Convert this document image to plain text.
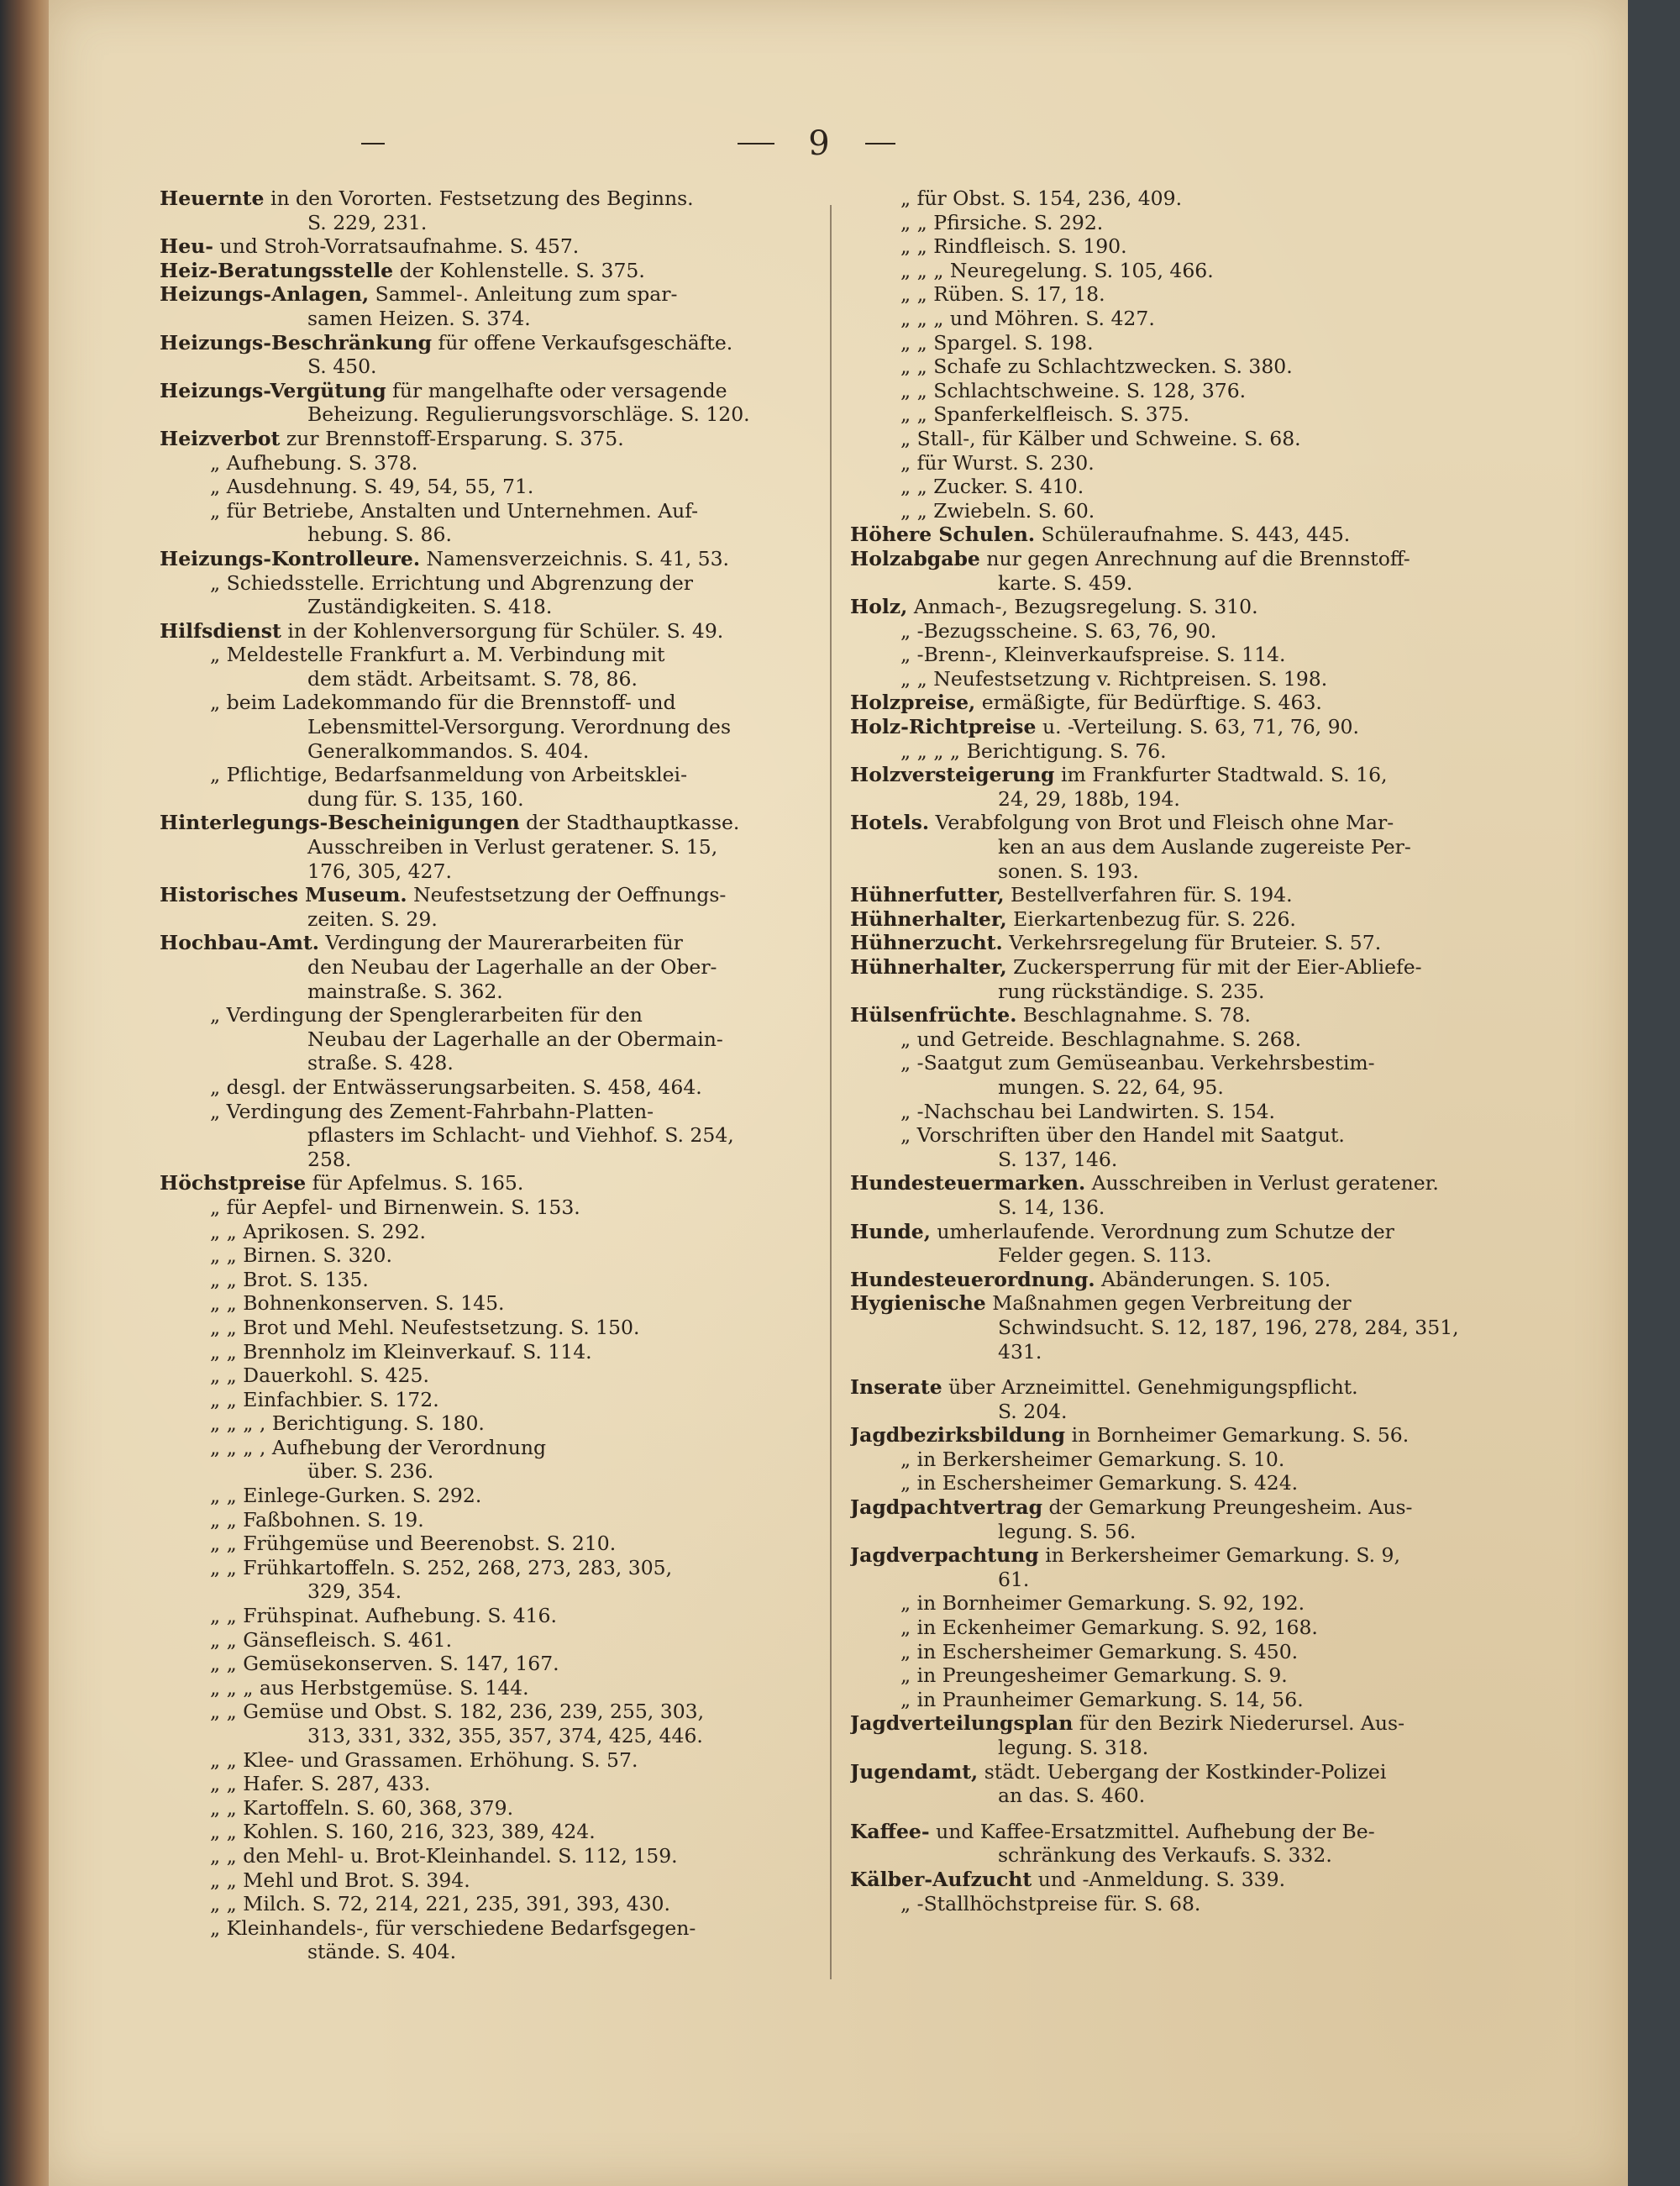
9
Heuernte in den Vororten. Festsetzung des Beginns.
S. 229, 231.
Heu- und Stroh-Vorratsaufnahme. S. 457.
Heiz-Beratungsstelle der Kohlenstelle. S. 375.
Heizungs-Anlagen, Sammel-. Anleitung zum spar-
samen Heizen. S. 374.
Heizungs-Beschränkung für offene Verkaufsgeschäfte.
S. 450.
Heizungs-Vergütung für mangelhafte oder versagende
Beheizung. Regulierungsvorschläge. S. 120.
Heizverbot zur Brennstoff-Ersparung. S. 375.
„ Aufhebung. S. 378.
„ Ausdehnung. S. 49, 54, 55, 71.
„ für Betriebe, Anstalten und Unternehmen. Auf-
hebung. S. 86.
Heizungs-Kontrolleure. Namensverzeichnis. S. 41, 53.
„ Schiedsstelle. Errichtung und Abgrenzung der
Zuständigkeiten. S. 418.
Hilfsdienst in der Kohlenversorgung für Schüler. S. 49.
„ Meldestelle Frankfurt a. M. Verbindung mit
dem städt. Arbeitsamt. S. 78, 86.
„ beim Ladekommando für die Brennstoff- und
Lebensmittel-Versorgung. Verordnung des
Generalkommandos. S. 404.
„ Pflichtige, Bedarfsanmeldung von Arbeitsklei-
dung für. S. 135, 160.
Hinterlegungs-Bescheinigungen der Stadthauptkasse.
Ausschreiben in Verlust geratener. S. 15,
176, 305, 427.
Historisches Museum. Neufestsetzung der Oeffnungs-
zeiten. S. 29.
Hochbau-Amt. Verdingung der Maurerarbeiten für
den Neubau der Lagerhalle an der Ober-
mainstraße. S. 362.
„ Verdingung der Spenglerarbeiten für den
Neubau der Lagerhalle an der Obermain-
straße. S. 428.
„ desgl. der Entwässerungsarbeiten. S. 458, 464.
„ Verdingung des Zement-Fahrbahn-Platten-
pflasters im Schlacht- und Viehhof. S. 254,
258.
Höchstpreise für Apfelmus. S. 165.
„ für Aepfel- und Birnenwein. S. 153.
„ „ Aprikosen. S. 292.
„ „ Birnen. S. 320.
„ „ Brot. S. 135.
„ „ Bohnenkonserven. S. 145.
„ „ Brot und Mehl. Neufestsetzung. S. 150.
„ „ Brennholz im Kleinverkauf. S. 114.
„ „ Dauerkohl. S. 425.
„ „ Einfachbier. S. 172.
„ „ „ , Berichtigung. S. 180.
„ „ „ , Aufhebung der Verordnung
über. S. 236.
„ „ Einlege-Gurken. S. 292.
„ „ Faßbohnen. S. 19.
„ „ Frühgemüse und Beerenobst. S. 210.
„ „ Frühkartoffeln. S. 252, 268, 273, 283, 305,
329, 354.
„ „ Frühspinat. Aufhebung. S. 416.
„ „ Gänsefleisch. S. 461.
„ „ Gemüsekonserven. S. 147, 167.
„ „ „ aus Herbstgemüse. S. 144.
„ „ Gemüse und Obst. S. 182, 236, 239, 255, 303,
313, 331, 332, 355, 357, 374, 425, 446.
„ „ Klee- und Grassamen. Erhöhung. S. 57.
„ „ Hafer. S. 287, 433.
„ „ Kartoffeln. S. 60, 368, 379.
„ „ Kohlen. S. 160, 216, 323, 389, 424.
„ „ den Mehl- u. Brot-Kleinhandel. S. 112, 159.
„ „ Mehl und Brot. S. 394.
„ „ Milch. S. 72, 214, 221, 235, 391, 393, 430.
„ Kleinhandels-, für verschiedene Bedarfsgegen-
stände. S. 404.
„ für Obst. S. 154, 236, 409.
„ „ Pfirsiche. S. 292.
„ „ Rindfleisch. S. 190.
„ „ „ Neuregelung. S. 105, 466.
„ „ Rüben. S. 17, 18.
„ „ „ und Möhren. S. 427.
„ „ Spargel. S. 198.
„ „ Schafe zu Schlachtzwecken. S. 380.
„ „ Schlachtschweine. S. 128, 376.
„ „ Spanferkelfleisch. S. 375.
„ Stall-, für Kälber und Schweine. S. 68.
„ für Wurst. S. 230.
„ „ Zucker. S. 410.
„ „ Zwiebeln. S. 60.
Höhere Schulen. Schüleraufnahme. S. 443, 445.
Holzabgabe nur gegen Anrechnung auf die Brennstoff-
karte. S. 459.
Holz, Anmach-, Bezugsregelung. S. 310.
„ -Bezugsscheine. S. 63, 76, 90.
„ -Brenn-, Kleinverkaufspreise. S. 114.
„ „ Neufestsetzung v. Richtpreisen. S. 198.
Holzpreise, ermäßigte, für Bedürftige. S. 463.
Holz-Richtpreise u. -Verteilung. S. 63, 71, 76, 90.
„ „ „ „ Berichtigung. S. 76.
Holzversteigerung im Frankfurter Stadtwald. S. 16,
24, 29, 188b, 194.
Hotels. Verabfolgung von Brot und Fleisch ohne Mar-
ken an aus dem Auslande zugereiste Per-
sonen. S. 193.
Hühnerfutter, Bestellverfahren für. S. 194.
Hühnerhalter, Eierkartenbezug für. S. 226.
Hühnerzucht. Verkehrsregelung für Bruteier. S. 57.
Hühnerhalter, Zuckersperrung für mit der Eier-Abliefe-
rung rückständige. S. 235.
Hülsenfrüchte. Beschlagnahme. S. 78.
„ und Getreide. Beschlagnahme. S. 268.
„ -Saatgut zum Gemüseanbau. Verkehrsbestim-
mungen. S. 22, 64, 95.
„ -Nachschau bei Landwirten. S. 154.
„ Vorschriften über den Handel mit Saatgut.
S. 137, 146.
Hundesteuermarken. Ausschreiben in Verlust geratener.
S. 14, 136.
Hunde, umherlaufende. Verordnung zum Schutze der
Felder gegen. S. 113.
Hundesteuerordnung. Abänderungen. S. 105.
Hygienische Maßnahmen gegen Verbreitung der
Schwindsucht. S. 12, 187, 196, 278, 284, 351,
431.
Inserate über Arzneimittel. Genehmigungspflicht.
S. 204.
Jagdbezirksbildung in Bornheimer Gemarkung. S. 56.
„ in Berkersheimer Gemarkung. S. 10.
„ in Eschersheimer Gemarkung. S. 424.
Jagdpachtvertrag der Gemarkung Preungesheim. Aus-
legung. S. 56.
Jagdverpachtung in Berkersheimer Gemarkung. S. 9,
61.
„ in Bornheimer Gemarkung. S. 92, 192.
„ in Eckenheimer Gemarkung. S. 92, 168.
„ in Eschersheimer Gemarkung. S. 450.
„ in Preungesheimer Gemarkung. S. 9.
„ in Praunheimer Gemarkung. S. 14, 56.
Jagdverteilungsplan für den Bezirk Niederursel. Aus-
legung. S. 318.
Jugendamt, städt. Uebergang der Kostkinder-Polizei
an das. S. 460.
Kaffee- und Kaffee-Ersatzmittel. Aufhebung der Be-
schränkung des Verkaufs. S. 332.
Kälber-Aufzucht und -Anmeldung. S. 339.
„ -Stallhöchstpreise für. S. 68.
